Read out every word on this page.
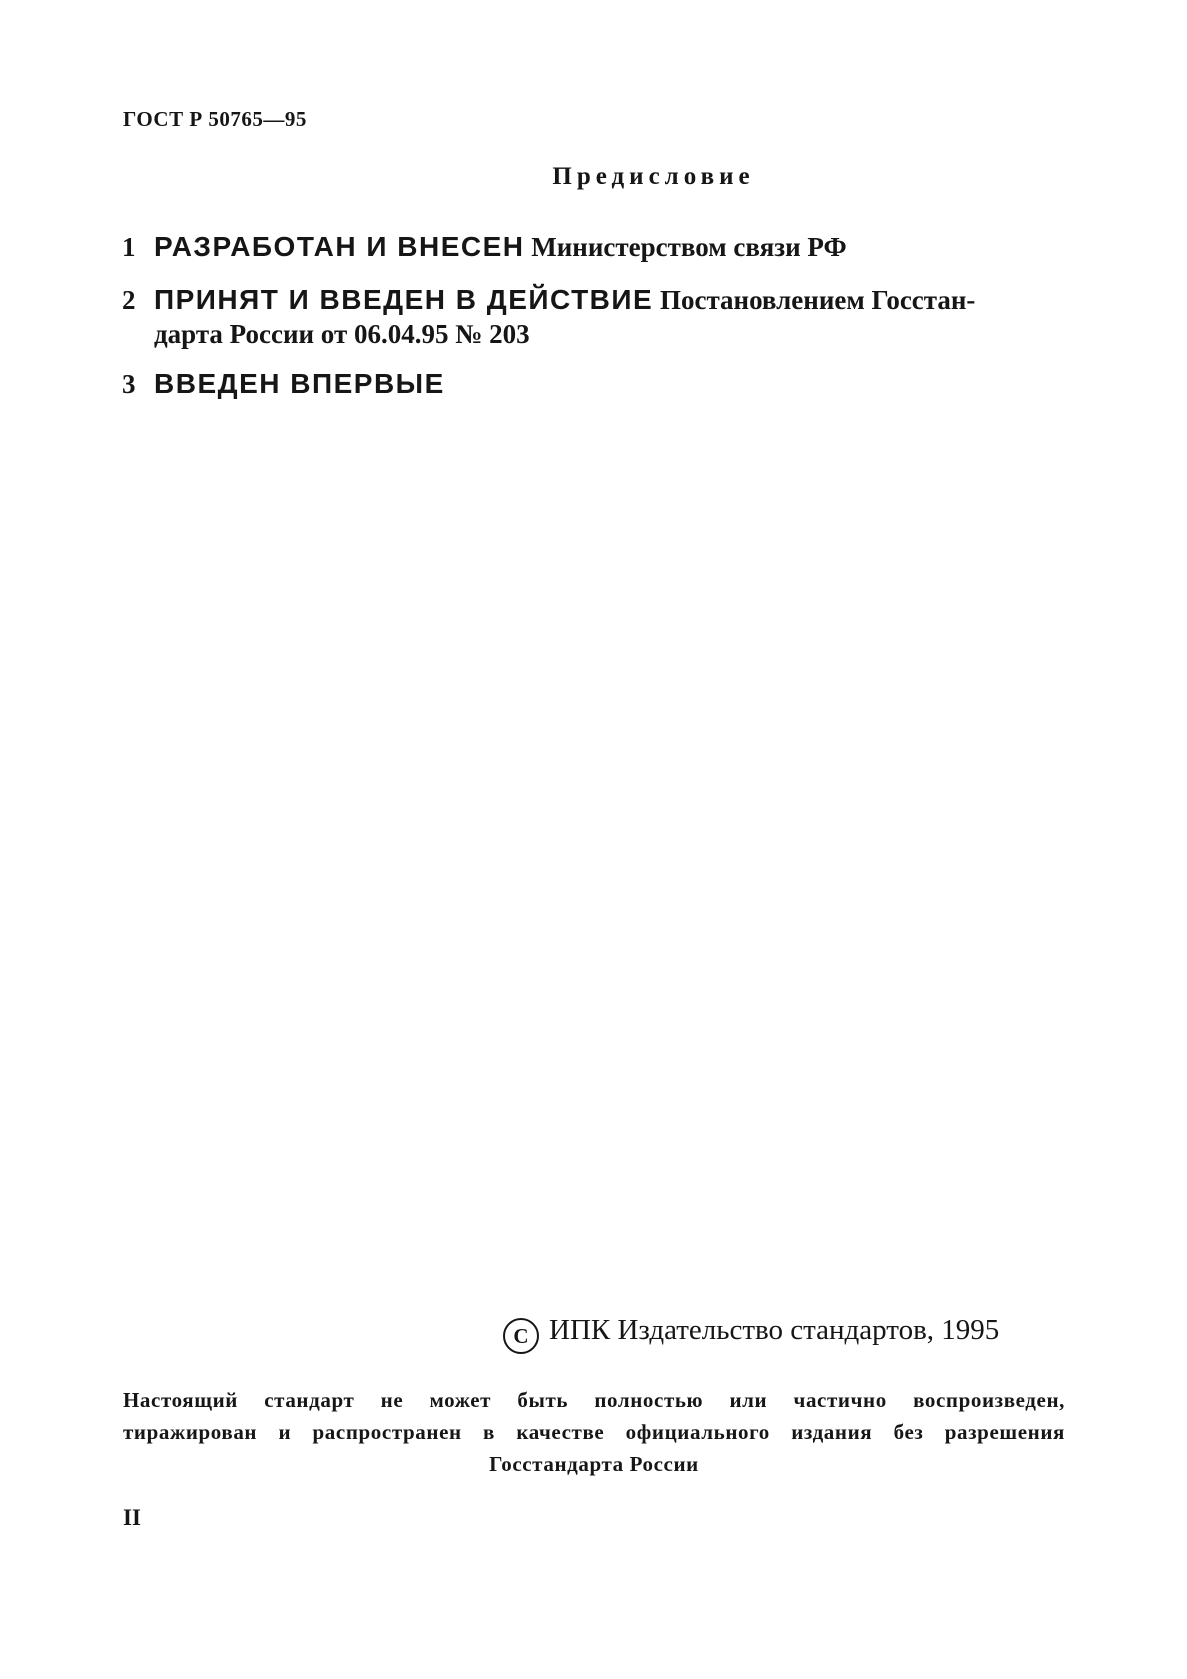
ГОСТ Р 50765—95
Предисловие
1 РАЗРАБОТАН И ВНЕСЕН Министерством связи РФ
2 ПРИНЯТ И ВВЕДЕН В ДЕЙСТВИЕ Постановлением Госстан-
дарта России от 06.04.95 № 203
3 ВВЕДЕН ВПЕРВЫЕ
C ИПК Издательство стандартов, 1995
Настоящий стандарт не может быть полностью или частично воспроизведен,
тиражирован и распространен в качестве официального издания без разрешения
Госстандарта России
II
